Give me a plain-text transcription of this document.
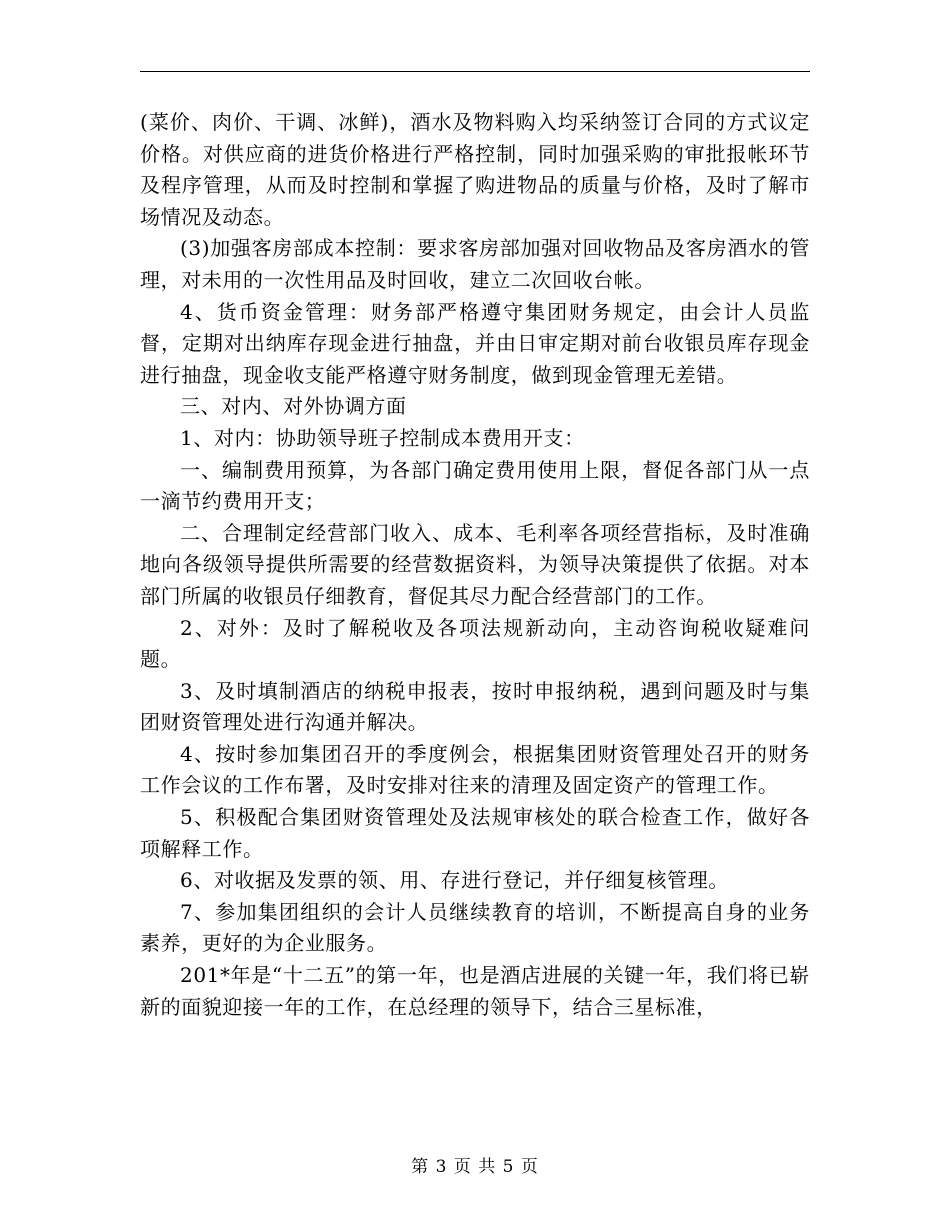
(菜价、肉价、干调、冰鲜)，酒水及物料购入均采纳签订合同的方式议定价格。对供应商的进货价格进行严格控制，同时加强采购的审批报帐环节及程序管理，从而及时控制和掌握了购进物品的质量与价格，及时了解市场情况及动态。

(3)加强客房部成本控制：要求客房部加强对回收物品及客房酒水的管理，对未用的一次性用品及时回收，建立二次回收台帐。

4、货币资金管理：财务部严格遵守集团财务规定，由会计人员监督，定期对出纳库存现金进行抽盘，并由日审定期对前台收银员库存现金进行抽盘，现金收支能严格遵守财务制度，做到现金管理无差错。

三、对内、对外协调方面

1、对内：协助领导班子控制成本费用开支：

一、编制费用预算，为各部门确定费用使用上限，督促各部门从一点一滴节约费用开支；

二、合理制定经营部门收入、成本、毛利率各项经营指标，及时准确地向各级领导提供所需要的经营数据资料，为领导决策提供了依据。对本部门所属的收银员仔细教育，督促其尽力配合经营部门的工作。

2、对外：及时了解税收及各项法规新动向，主动咨询税收疑难问题。

3、及时填制酒店的纳税申报表，按时申报纳税，遇到问题及时与集团财资管理处进行沟通并解决。

4、按时参加集团召开的季度例会，根据集团财资管理处召开的财务工作会议的工作布署，及时安排对往来的清理及固定资产的管理工作。

5、积极配合集团财资管理处及法规审核处的联合检查工作，做好各项解释工作。

6、对收据及发票的领、用、存进行登记，并仔细复核管理。

7、参加集团组织的会计人员继续教育的培训，不断提高自身的业务素养，更好的为企业服务。

201*年是“十二五”的第一年，也是酒店进展的关键一年，我们将已崭新的面貌迎接一年的工作，在总经理的领导下，结合三星标准，

第 3 页 共 5 页
